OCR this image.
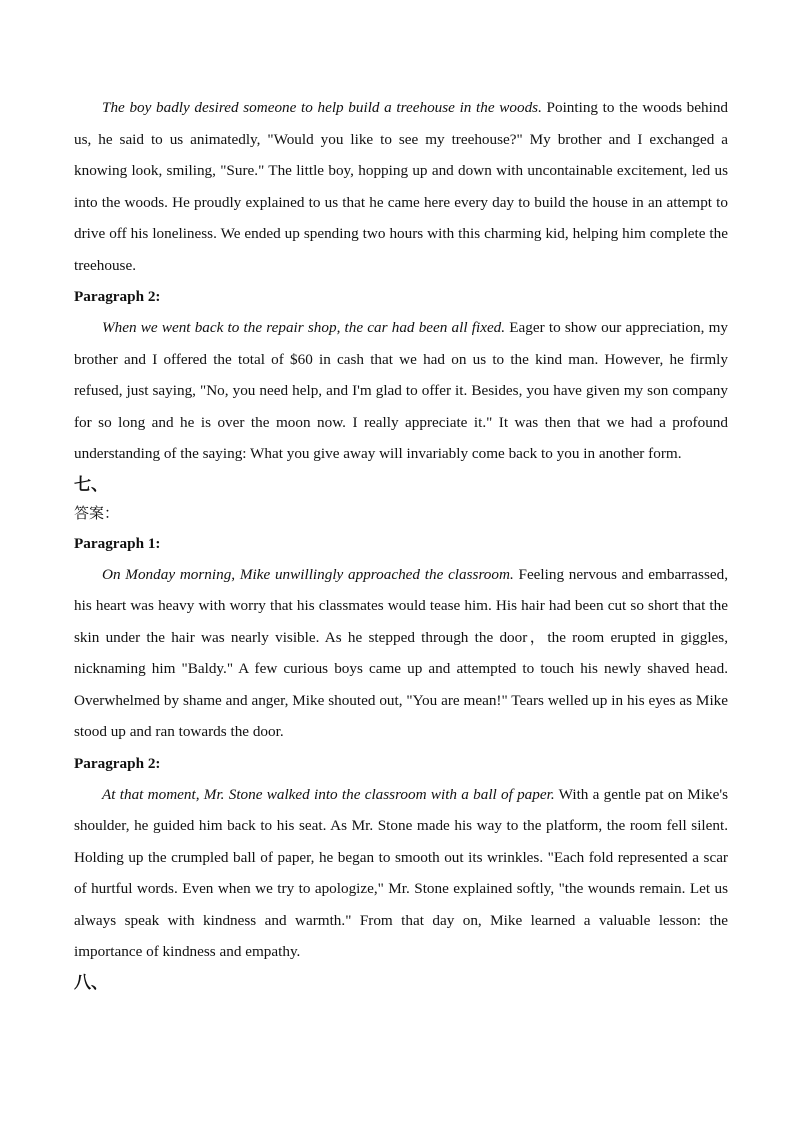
The boy badly desired someone to help build a treehouse in the woods. Pointing to the woods behind us, he said to us animatedly, "Would you like to see my treehouse?" My brother and I exchanged a knowing look, smiling, "Sure." The little boy, hopping up and down with uncontainable excitement, led us into the woods. He proudly explained to us that he came here every day to build the house in an attempt to drive off his loneliness. We ended up spending two hours with this charming kid, helping him complete the treehouse.

Paragraph 2:

When we went back to the repair shop, the car had been all fixed. Eager to show our appreciation, my brother and I offered the total of $60 in cash that we had on us to the kind man. However, he firmly refused, just saying, "No, you need help, and I'm glad to offer it. Besides, you have given my son company for so long and he is over the moon now. I really appreciate it." It was then that we had a profound understanding of the saying: What you give away will invariably come back to you in another form.

七、

答案：

Paragraph 1:

On Monday morning, Mike unwillingly approached the classroom. Feeling nervous and embarrassed, his heart was heavy with worry that his classmates would tease him. His hair had been cut so short that the skin under the hair was nearly visible. As he stepped through the door，the room erupted in giggles, nicknaming him "Baldy." A few curious boys came up and attempted to touch his newly shaved head. Overwhelmed by shame and anger, Mike shouted out, "You are mean!" Tears welled up in his eyes as Mike stood up and ran towards the door.

Paragraph 2:

At that moment, Mr. Stone walked into the classroom with a ball of paper. With a gentle pat on Mike's shoulder, he guided him back to his seat. As Mr. Stone made his way to the platform, the room fell silent. Holding up the crumpled ball of paper, he began to smooth out its wrinkles. "Each fold represented a scar of hurtful words. Even when we try to apologize," Mr. Stone explained softly, "the wounds remain. Let us always speak with kindness and warmth." From that day on, Mike learned a valuable lesson: the importance of kindness and empathy.

八、
